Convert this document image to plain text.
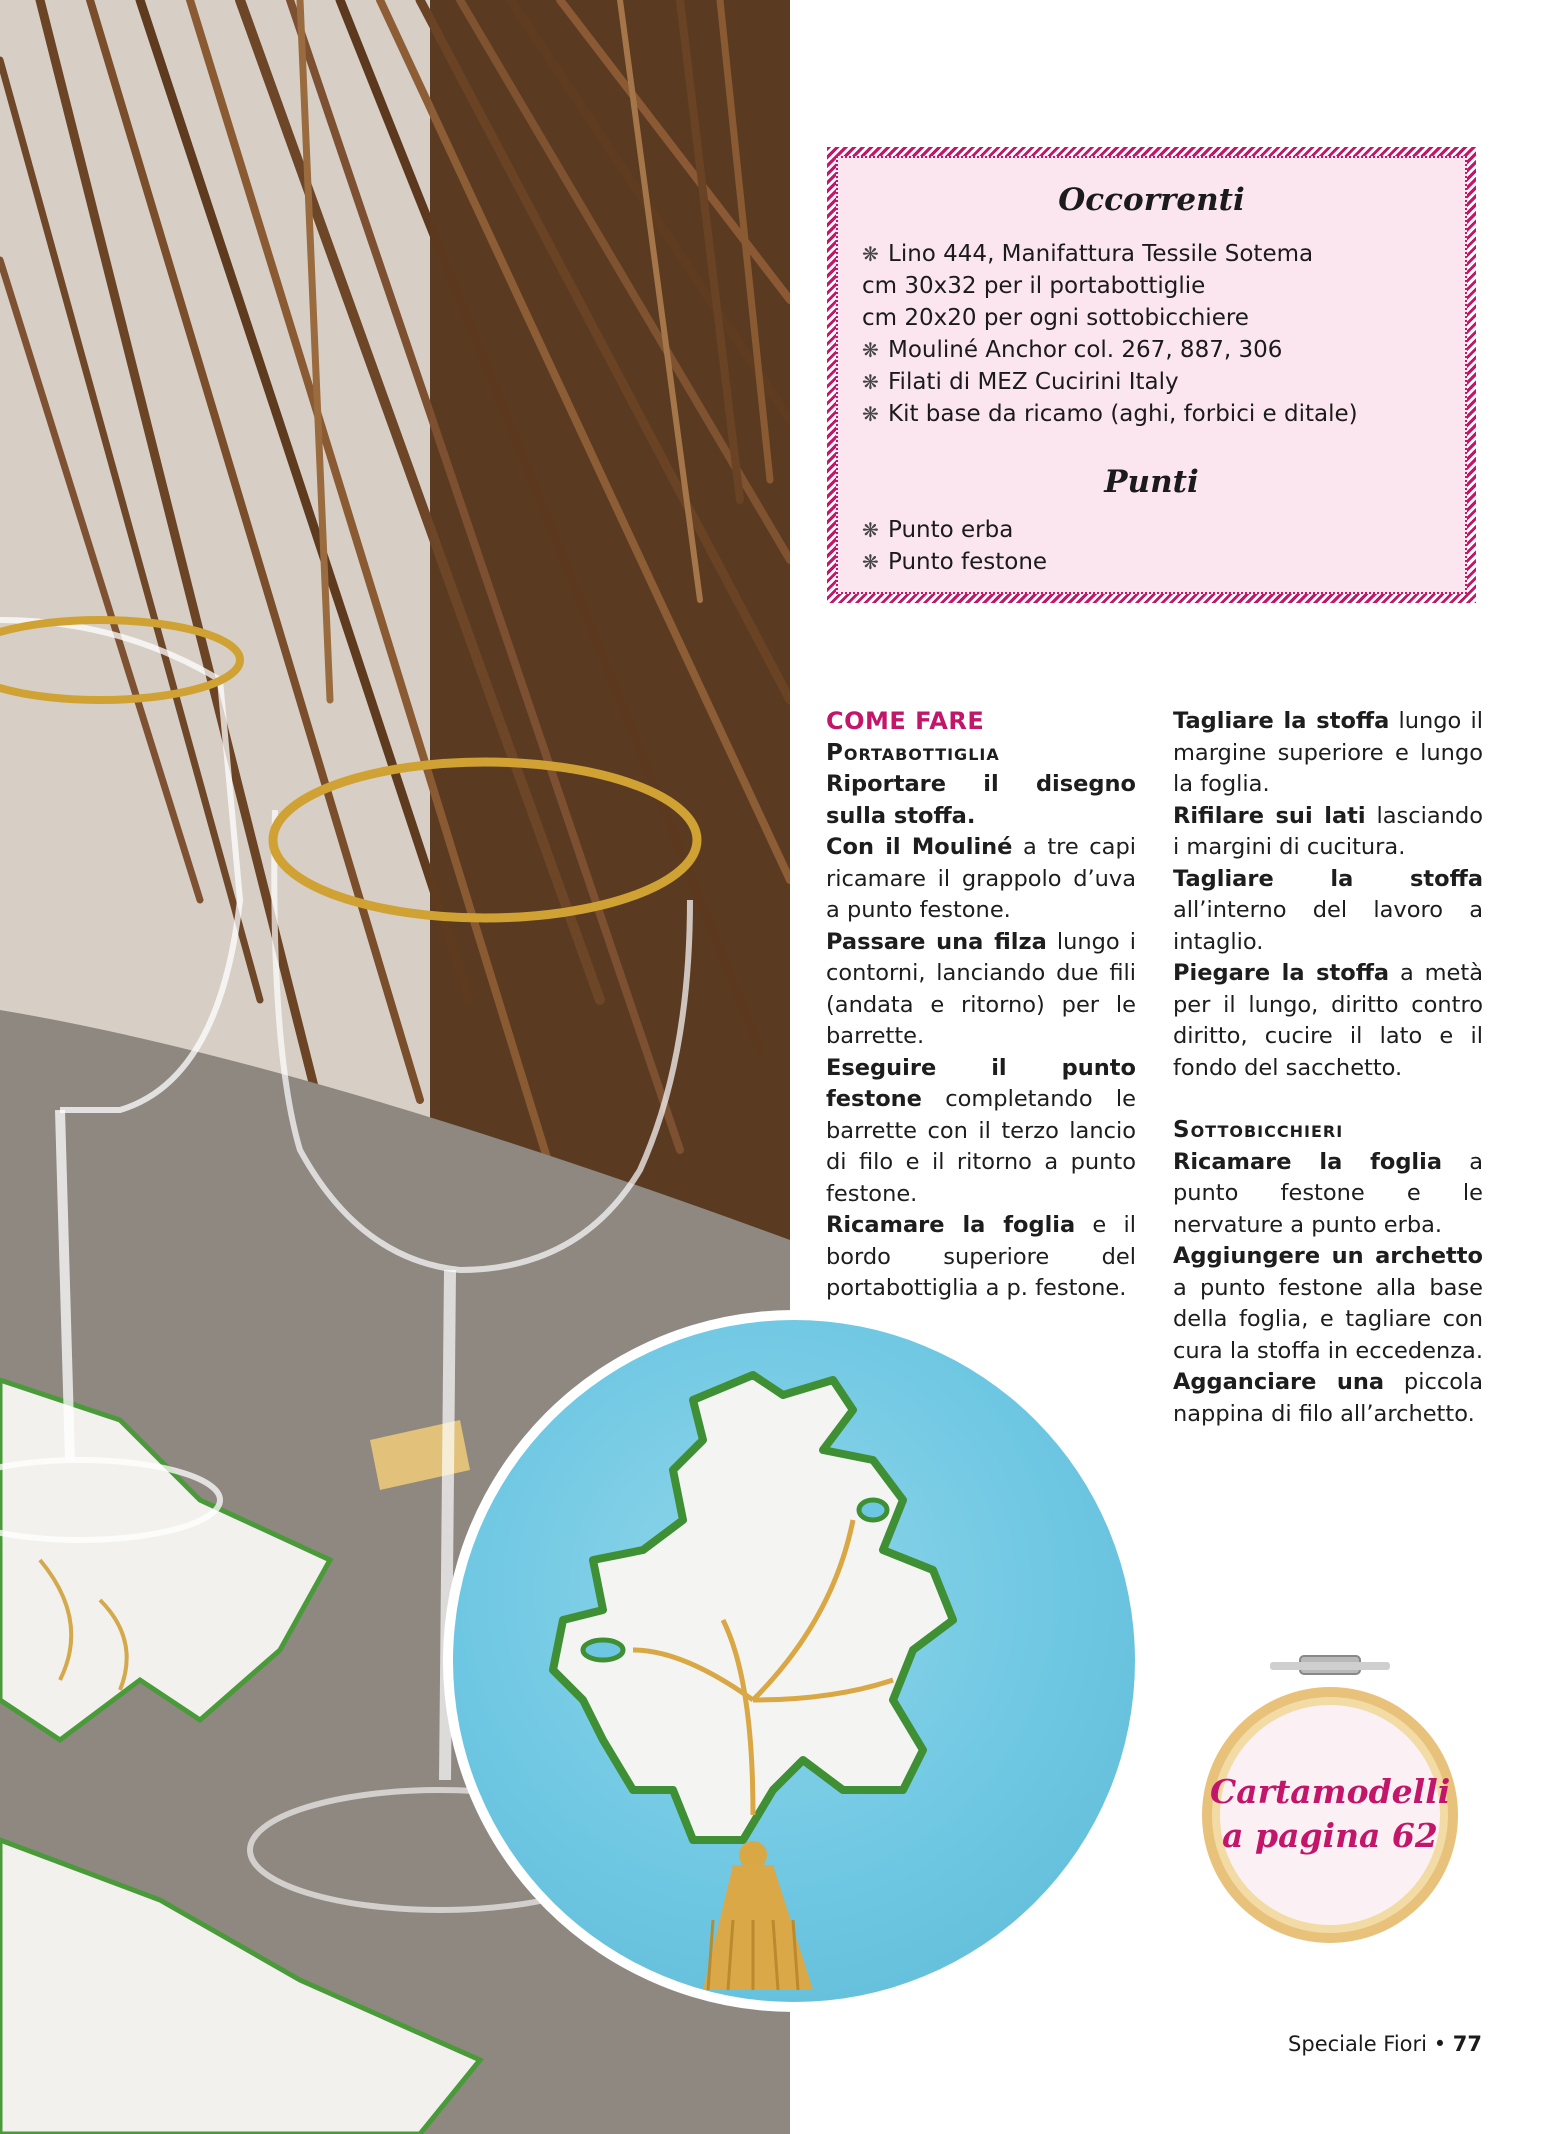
Occorrenti
❋ Lino 444, Manifattura Tessile Sotema
cm 30x32 per il portabottiglie
cm 20x20 per ogni sottobicchiere
❋ Mouliné Anchor col. 267, 887, 306
❋ Filati di MEZ Cucirini Italy
❋ Kit base da ricamo (aghi, forbici e ditale)
Punti
❋ Punto erba
❋ Punto festone

COME FARE

Portabottiglia

Riportare il disegno sulla stoffa.

Con il Mouliné a tre capi ricamare il grappolo d’uva a punto festone.

Passare una filza lungo i contorni, lanciando due fili (andata e ritorno) per le barrette.

Eseguire il punto festone completando le barrette con il terzo lancio di filo e il ritorno a punto festone.

Ricamare la foglia e il bordo superiore del portabottiglia a p. festone.

Tagliare la stoffa lungo il margine superiore e lungo la foglia.

Rifilare sui lati lasciando i margini di cucitura.

Tagliare la stoffa all’interno del lavoro a intaglio.

Piegare la stoffa a metà per il lungo, diritto contro diritto, cucire il lato e il fondo del sacchetto.

Sottobicchieri

Ricamare la foglia a punto festone e le nervature a punto erba.

Aggiungere un archetto a punto festone alla base della foglia, e tagliare con cura la stoffa in eccedenza.

Agganciare una piccola nappina di filo all’archetto.

Cartamodelli
a pagina 62
Speciale Fiori • 77
